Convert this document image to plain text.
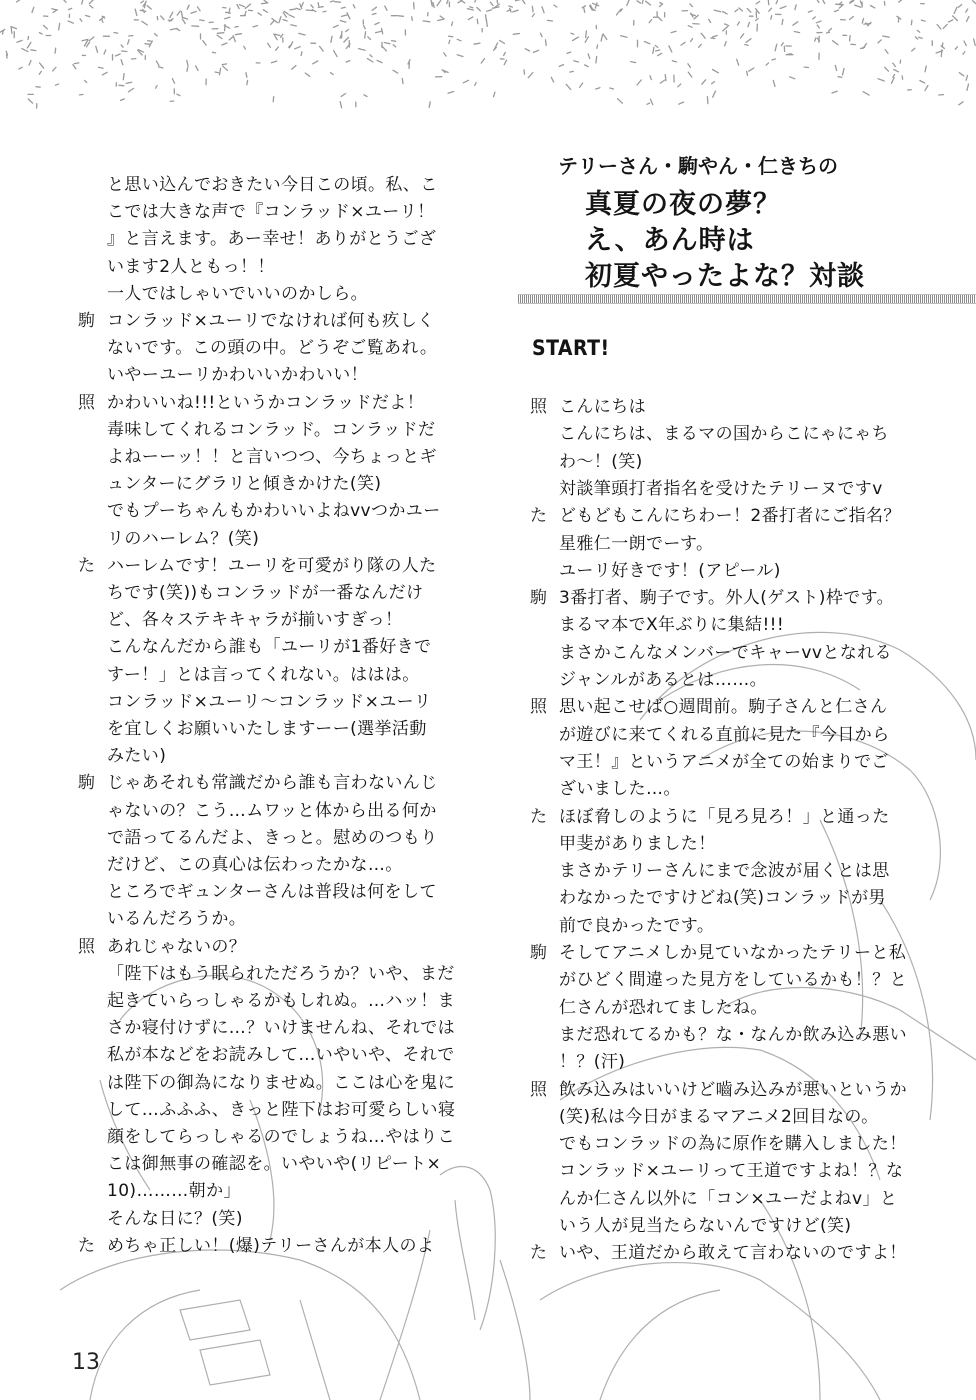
テリーさん・駒やん・仁きちの
真夏の夜の夢？
え、あん時は
初夏やったよな？対談
START!
と思い込んでおきたい今日この頃。私、こ
こでは大きな声で『コンラッド×ユーリ！
』と言えます。あー幸せ！ありがとうござ
います2人ともっ！！
一人ではしゃいでいいのかしら。
駒 コンラッド×ユーリでなければ何も疚しく
ないです。この頭の中。どうぞご覧あれ。
いやーユーリかわいいかわいい！
照 かわいいね!!!というかコンラッドだよ！
毒味してくれるコンラッド。コンラッドだ
よねーーッ！！と言いつつ、今ちょっとギ
ュンターにグラリと傾きかけた(笑)
でもプーちゃんもかわいいよねvvつかユー
リのハーレム？(笑)
た ハーレムです！ユーリを可愛がり隊の人た
ちです(笑))もコンラッドが一番なんだけ
ど、各々ステキキャラが揃いすぎっ！
こんなんだから誰も「ユーリが1番好きで
すー！」とは言ってくれない。ははは。
コンラッド×ユーリ～コンラッド×ユーリ
を宜しくお願いいたしますーー(選挙活動
みたい)
駒 じゃあそれも常識だから誰も言わないんじ
ゃないの？こう…ムワッと体から出る何か
で語ってるんだよ、きっと。慰めのつもり
だけど、この真心は伝わったかな…。
ところでギュンターさんは普段は何をして
いるんだろうか。
照 あれじゃないの？
「陛下はもう眠られただろうか？いや、まだ
起きていらっしゃるかもしれぬ。…ハッ！ま
さか寝付けずに…？いけませんね、それでは
私が本などをお読みして…いやいや、それで
は陛下の御為になりませぬ。ここは心を鬼に
して…ふふふ、きっと陛下はお可愛らしい寝
顔をしてらっしゃるのでしょうね…やはりこ
こは御無事の確認を。いやいや(リピート×
10)………朝か」
そんな日に？(笑)
た めちゃ正しい！(爆)テリーさんが本人のよ
照 こんにちは
こんにちは、まるマの国からこにゃにゃち
わ～！(笑)
対談筆頭打者指名を受けたテリーヌですv
た どもどもこんにちわー！2番打者にご指名？
星雅仁一朗でーす。
ユーリ好きです！(アピール)
駒 3番打者、駒子です。外人(ゲスト)枠です。
まるマ本でX年ぶりに集結!!!
まさかこんなメンバーでキャーvvとなれる
ジャンルがあるとは……。
照 思い起こせば○週間前。駒子さんと仁さん
が遊びに来てくれる直前に見た『今日から
マ王！』というアニメが全ての始まりでご
ざいました…。
た ほぼ脅しのように「見ろ見ろ！」と通った
甲斐がありました！
まさかテリーさんにまで念波が届くとは思
わなかったですけどね(笑)コンラッドが男
前で良かったです。
駒 そしてアニメしか見ていなかったテリーと私
がひどく間違った見方をしているかも！？と
仁さんが恐れてましたね。
まだ恐れてるかも？な・なんか飲み込み悪い
！？(汗)
照 飲み込みはいいけど嚙み込みが悪いというか
(笑)私は今日がまるマアニメ2回目なの。
でもコンラッドの為に原作を購入しました！
コンラッド×ユーリって王道ですよね！？な
んか仁さん以外に「コン×ユーだよねv」と
いう人が見当たらないんですけど(笑)
た いや、王道だから敢えて言わないのですよ！
13
